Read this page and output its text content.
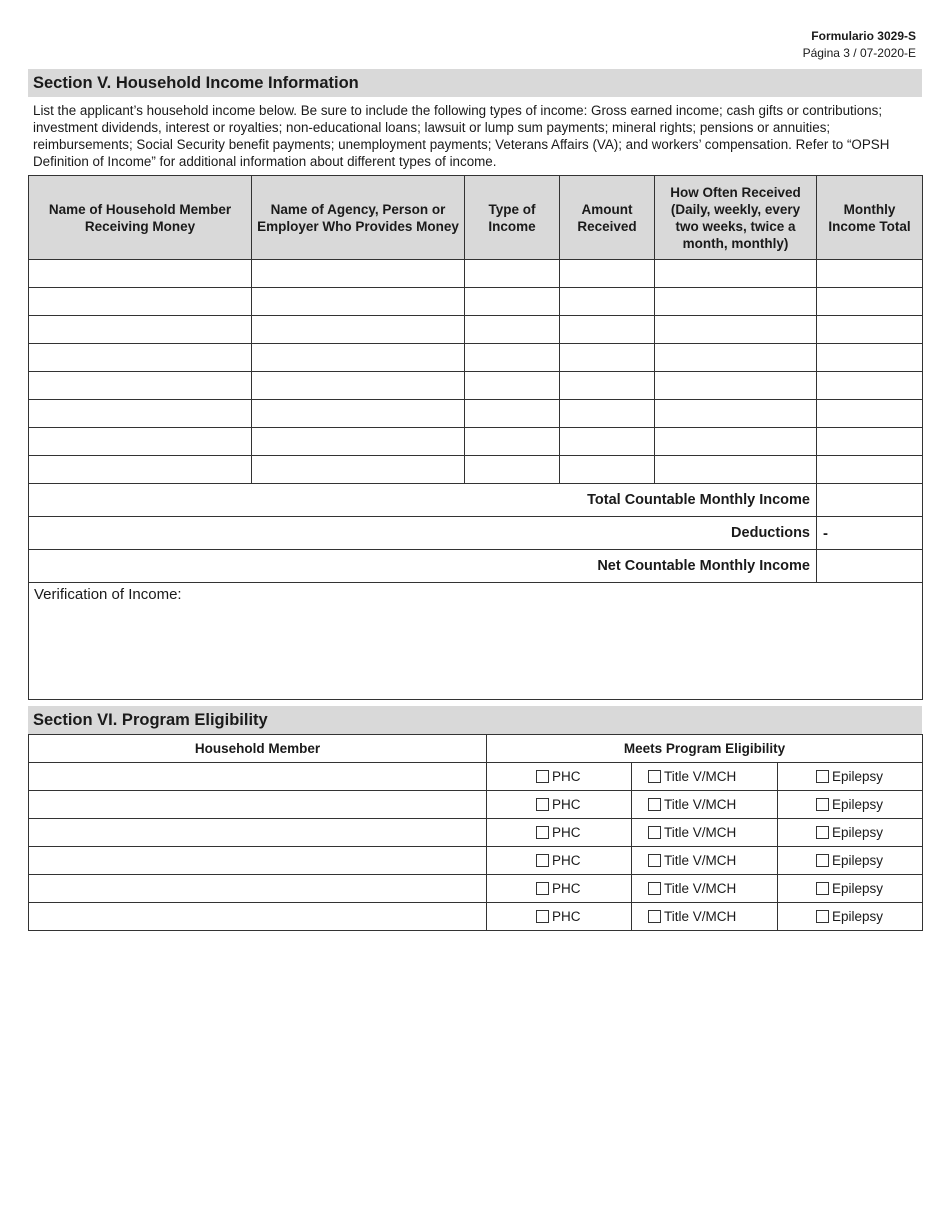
Formulario 3029-S
Página 3 / 07-2020-E
Section V. Household Income Information
List the applicant’s household income below. Be sure to include the following types of income: Gross earned income; cash gifts or contributions; investment dividends, interest or royalties; non-educational loans; lawsuit or lump sum payments; mineral rights; pensions or annuities; reimbursements; Social Security benefit payments; unemployment payments; Veterans Affairs (VA); and workers’ compensation. Refer to “OPSH Definition of Income” for additional information about different types of income.
Name of Household Member Receiving Money	Name of Agency, Person or Employer Who Provides Money	Type of Income	Amount Received	How Often Received (Daily, weekly, every two weeks, twice a month, monthly)	Monthly Income Total

Total Countable Monthly Income					
Deductions					-
Net Countable Monthly Income					
Verification of Income:					
Section VI. Program Eligibility
Household Member	Meets Program Eligibility		

	PHC	Title V/MCH	Epilepsy

	PHC	Title V/MCH	Epilepsy

	PHC	Title V/MCH	Epilepsy

	PHC	Title V/MCH	Epilepsy

	PHC	Title V/MCH	Epilepsy

	PHC	Title V/MCH	Epilepsy
